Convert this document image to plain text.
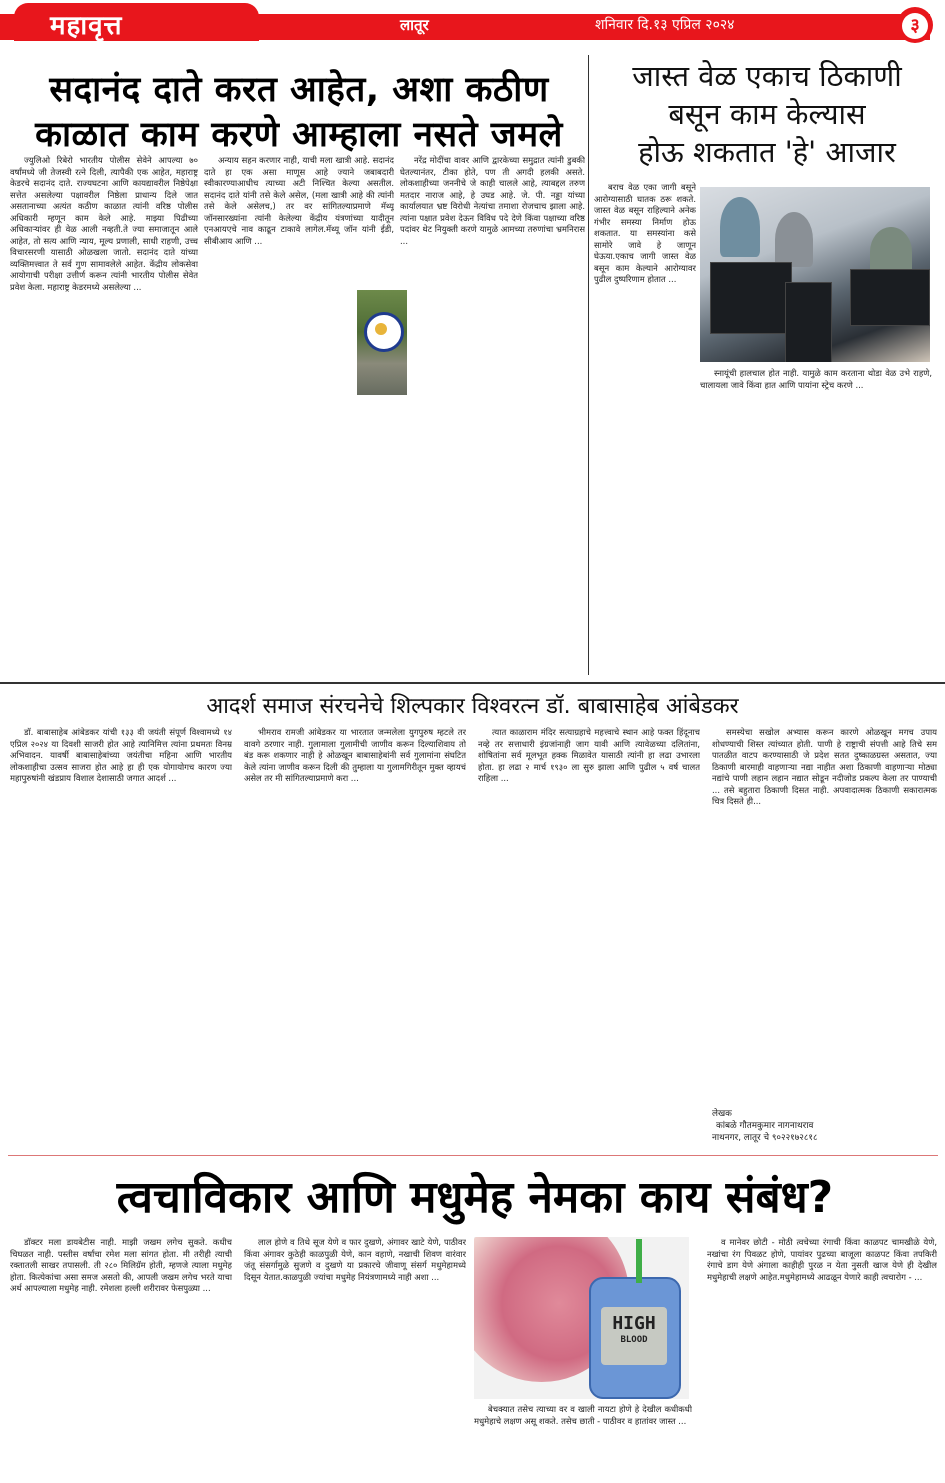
महावृत्त	लातूर	शनिवार दि.१३ एप्रिल २०२४	३
सदानंद दाते करत आहेत, अशा कठीण
काळात काम करणे आम्हाला नसते जमले

ज्युलिओ रिबेरो भारतीय पोलीस सेवेने आपल्या ७० वर्षांमध्ये जी तेजस्वी रत्ने दिली, त्यापैकी एक आहेत, महाराष्ट्र केडरचे सदानंद दाते. राज्यघटना आणि कायद्यावरील निष्ठेपेक्षा सत्तेत असलेल्या पक्षावरील निष्ठेला प्राधान्य दिले जात असतानाच्या अत्यंत कठीण काळात त्यांनी वरिष्ठ पोलीस अधिकारी म्हणून काम केले आहे. माझ्या पिढीच्या अधिकाऱ्यांवर ही वेळ आली नव्हती.ते ज्या समाजातून आले आहेत, तो सत्य आणि न्याय, मूल्य प्रणाली, साधी राहणी, उच्च विचारसरणी यासाठी ओळखला जातो. सदानंद दाते यांच्या व्यक्तिमत्त्वात ते सर्व गुण सामावलेले आहेत. केंद्रीय लोकसेवा आयोगाची परीक्षा उत्तीर्ण करून त्यांनी भारतीय पोलीस सेवेत प्रवेश केला. महाराष्ट्र केडरमध्ये असलेल्या ...

अन्याय सहन करणार नाही, याची मला खात्री आहे. सदानंद दाते हा एक असा माणूस आहे ज्याने जबाबदारी स्वीकारण्याआधीच त्याच्या अटी निश्चित केल्या असतील. सदानंद दाते यांनी तसे केले असेल, (मला खात्री आहे की त्यांनी तसे केले असेलच,) तर वर सांगितल्याप्रमाणे मॅथ्यू जॉनसारख्यांना त्यांनी केलेल्या केंद्रीय यंत्रणांच्या यादीतून एनआयएचे नाव काढून टाकावे लागेल.मॅथ्यू जॉन यांनी ईडी, सीबीआय आणि ...

नरेंद्र मोदींचा वावर आणि द्वारकेच्या समुद्रात त्यांनी डुबकी घेतल्यानंतर, टीका होते, पण ती अगदी हलकी असते. लोकशाहीच्या जननीचे जे काही चालले आहे, त्याबद्दल तरुण मतदार नाराज आहे, हे उघड आहे. जे. पी. नड्डा यांच्या कार्यालयात भ्रष्ट विरोधी नेत्यांचा तमाशा रोजचाच झाला आहे. त्यांना पक्षात प्रवेश देऊन विविध पदे देणे किंवा पक्षाच्या वरिष्ठ पदांवर थेट नियुक्ती करणे यामुळे आमच्या तरुणांचा भ्रमनिरास ...

जास्त वेळ एकाच ठिकाणी
बसून काम केल्यास
होऊ शकतात 'हे' आजार

बराच वेळ एका जागी बसूने आरोग्यासाठी घातक ठरू शकते. जास्त वेळ बसून राहिल्याने अनेक गंभीर समस्या निर्माण होऊ शकतात. या समस्यांना कसे सामोरे जावे हे जाणून घेऊया.एकाच जागी जास्त वेळ बसून काम केल्याने आरोग्यावर पुढील दुष्परिणाम होतात ...

स्नायूंची हालचाल होत नाही. यामुळे काम करताना थोडा वेळ उभे राहणे, चालायला जावे किंवा हात आणि पायांना स्ट्रेच करणे ...

आदर्श समाज संरचनेचे शिल्पकार विश्वरत्न डॉ. बाबासाहेब आंबेडकर

डॉ. बाबासाहेब आंबेडकर यांची १३३ वी जयंती संपूर्ण विश्वामध्ये १४ एप्रिल २०२४ या दिवशी साजरी होत आहे त्यानिमित्त त्यांना प्रथमतः विनम्र अभिवादन. यावर्षी बाबासाहेबांच्या जयंतीचा महिना आणि भारतीय लोकशाहीचा उत्सव साजरा होत आहे हा ही एक योगायोगच कारण ज्या महापुरुषांनी खंडप्राय विशाल देशासाठी जगात आदर्श ...

भीमराव रामजी आंबेडकर या भारतात जन्मलेला युगपुरुष म्हटले तर वावगे ठरणार नाही. गुलामाला गुलामीची जाणीव करून दिल्याशिवाय तो बंड करू शकणार नाही हे ओळखून बाबासाहेबांनी सर्व गुलामांना संघटित केले त्यांना जाणीव करून दिली की तुम्हाला या गुलामगिरीतून मुक्त व्हायचं असेल तर मी सांगितल्याप्रमाणे करा ...

त्यात काळाराम मंदिर सत्याग्रहाचे महत्त्वाचे स्थान आहे फक्त हिंदूनाच नव्हे तर सत्ताधारी इंग्रजांनाही जाग यावी आणि त्यावेळच्या दलितांना, शोषितांना सर्व मूलभूत हक्क मिळावेत यासाठी त्यांनी हा लढा उभारला होता. हा लढा २ मार्च १९३० ला सुरु झाला आणि पुढील ५ वर्ष चालत राहिला ...

समस्येचा सखोल अभ्यास करून कारणे ओळखून मगच उपाय शोधण्याची शिस्त त्यांच्यात होती. पाणी हे राष्ट्राची संपत्ती आहे तिचे सम पातळीत वाटप करण्यासाठी जे प्रदेश सतत दुष्काळग्रस्त असतात, ज्या ठिकाणी बारमाही वाहणाऱ्या नद्या नाहीत अशा ठिकाणी वाहणाऱ्या मोठ्या नद्यांचे पाणी लहान लहान नद्यात सोडून नदीजोड प्रकल्प केला तर पाण्याची ... तसे बहुतारा ठिकाणी दिसत नाही. अपवादात्मक ठिकाणी सकारात्मक चित्र दिसते ही...

लेखक
कांबळे गौतमकुमार नागनाथराव
नाथनगर, लातूर चे ९०२२१७२८१८
त्वचाविकार आणि मधुमेह नेमका काय संबंध?

डॉक्टर मला डायबेटीस नाही. माझी जखम लगेच सुकते. कधीच चिघळत नाही. पस्तीस वर्षांचा रमेश मला सांगत होता. मी तरीही त्याची रक्तातली साखर तपासली. ती २८० मिलिग्रॅम होती, म्हणजे त्याला मधुमेह होता. कित्येकांचा असा समज असतो की, आपली जखम लगेच भरते याचा अर्थ आपल्याला मधुमेह नाही. रमेशला हल्ली शरीरावर फेसपुळ्या ...

लाल होणे व तिथे सूज येणे व फार दुखणे, अंगावर खाटे येणे, पाठीवर किंवा अंगावर कुठेही काळपुळी येणे, कान वहाणे, नखाची शिवण वारंवार जंतू संसर्गामुळे सुजणे व दुखणे या प्रकारचे जीवाणू संसर्ग मधुमेहामध्ये दिसून येतात.काळपुळी ज्यांचा मधुमेह नियंत्रणामध्ये नाही अशा ...

HIGH
BLOOD

बेचक्यात तसेच त्याच्या वर व खाली नायटा होणे हे देखील कधीकधी मधुमेहाचे लक्षण असू शकते. तसेच छाती - पाठीवर व हातांवर जास्त ...

व मानेवर छोटी - मोठी त्वचेच्या रंगाची किंवा काळपट चामखीळे येणे, नखांचा रंग पिवळट होणे, पायांवर पुढच्या बाजूला काळपट किंवा तपकिरी रंगाचे डाग येणे अंगाला काहीही पुरळ न येता नुसती खाज येणे ही देखील मधुमेहाची लक्षणे आहेत.मधुमेहामध्ये आढळून येणारे काही त्वचारोग - ...
